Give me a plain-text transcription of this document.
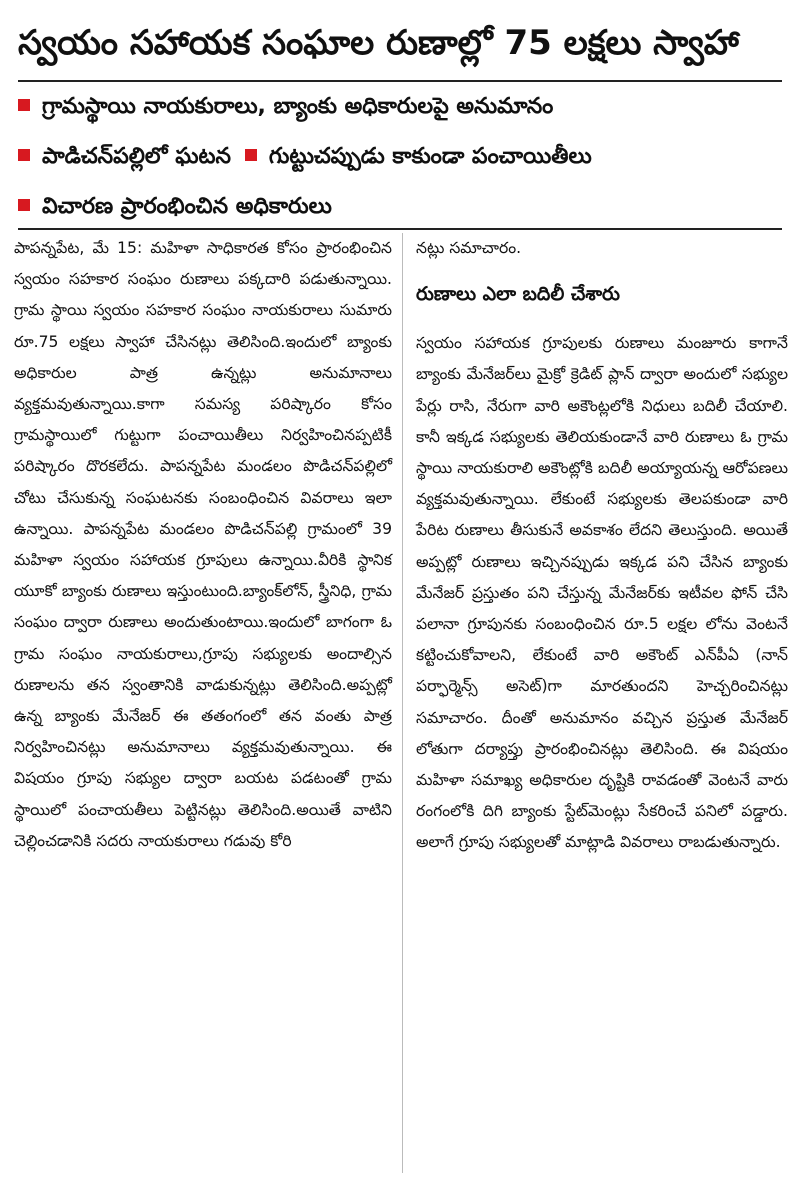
స్వయం సహాయక సంఘాల రుణాల్లో 75 లక్షలు స్వాహా
గ్రామస్థాయి నాయకురాలు, బ్యాంకు అధికారులపై అనుమానం
పాడిచన్‌పల్లిలో ఘటన గుట్టుచప్పుడు కాకుండా పంచాయితీలు
విచారణ ప్రారంభించిన అధికారులు

పాపన్నపేట, మే 15: మహిళా సాధికారత కోసం ప్రారంభించిన స్వయం సహకార సంఘం రుణాలు పక్కదారి పడుతున్నాయి. గ్రామ స్థాయి స్వయం సహకార సంఘం నాయకురాలు సుమారు రూ.75 లక్షలు స్వాహా చేసినట్లు తెలిసింది.ఇందులో బ్యాంకు అధికారుల పాత్ర ఉన్నట్లు అనుమానాలు వ్యక్తమవుతున్నాయి.కాగా సమస్య పరిష్కారం కోసం గ్రామస్థాయిలో గుట్టుగా పంచాయితీలు నిర్వహించినప్పటికీ పరిష్కారం దొరకలేదు. పాపన్నపేట మండలం పొడిచన్‌పల్లిలో చోటు చేసుకున్న సంఘటనకు సంబంధించిన వివరాలు ఇలా ఉన్నాయి. పాపన్నపేట మండలం పొడిచన్‌పల్లి గ్రామంలో 39 మహిళా స్వయం సహాయక గ్రూపులు ఉన్నాయి.వీరికి స్థానిక యూకో బ్యాంకు రుణాలు ఇస్తుంటుంది.బ్యాంక్‌లోన్, స్త్రీనిధి, గ్రామ సంఘం ద్వారా రుణాలు అందుతుంటాయి.ఇందులో బాగంగా ఓ గ్రామ సంఘం నాయకురాలు,గ్రూపు సభ్యులకు అందాల్సిన రుణాలను తన స్వంతానికి వాడుకున్నట్లు తెలిసింది.అప్పట్లో ఉన్న బ్యాంకు మేనేజర్ ఈ తతంగంలో తన వంతు పాత్ర నిర్వహించినట్లు అనుమానాలు వ్యక్తమవుతున్నాయి. ఈ విషయం గ్రూపు సభ్యుల ద్వారా బయట పడటంతో గ్రామ స్థాయిలో పంచాయతీలు పెట్టినట్లు తెలిసింది.అయితే వాటిని చెల్లించడానికి సదరు నాయకురాలు గడువు కోరి

నట్లు సమాచారం.

రుణాలు ఎలా బదిలీ చేశారు

స్వయం సహాయక గ్రూపులకు రుణాలు మంజూరు కాగానే బ్యాంకు మేనేజర్‌లు మైక్రో క్రెడిట్ ప్లాన్ ద్వారా అందులో సభ్యుల పేర్లు రాసి, నేరుగా వారి అకౌంట్లలోకి నిధులు బదిలీ చేయాలి. కానీ ఇక్కడ సభ్యులకు తెలియకుండానే వారి రుణాలు ఓ గ్రామ స్థాయి నాయకురాలి అకౌంట్లోకి బదిలీ అయ్యాయన్న ఆరోపణలు వ్యక్తమవుతున్నాయి. లేకుంటే సభ్యులకు తెలపకుండా వారి పేరిట రుణాలు తీసుకునే అవకాశం లేదని తెలుస్తుంది. అయితే అప్పట్లో రుణాలు ఇచ్చినప్పుడు ఇక్కడ పని చేసిన బ్యాంకు మేనేజర్ ప్రస్తుతం పని చేస్తున్న మేనేజర్‌కు ఇటీవల ఫోన్ చేసి పలానా గ్రూపునకు సంబంధించిన రూ.5 లక్షల లోను వెంటనే కట్టించుకోవాలని, లేకుంటే వారి అకౌంట్ ఎన్‌పీఏ (నాన్ పర్ఫార్మెన్స్ అసెట్)గా మారతుందని హెచ్చరించినట్లు సమాచారం. దీంతో అనుమానం వచ్చిన ప్రస్తుత మేనేజర్ లోతుగా దర్యాప్తు ప్రారంభించినట్లు తెలిసింది. ఈ విషయం మహిళా సమాఖ్య అధికారుల దృష్టికి రావడంతో వెంటనే వారు రంగంలోకి దిగి బ్యాంకు స్టేట్‌మెంట్లు సేకరించే పనిలో పడ్డారు. అలాగే గ్రూపు సభ్యులతో మాట్లాడి వివరాలు రాబడుతున్నారు.
